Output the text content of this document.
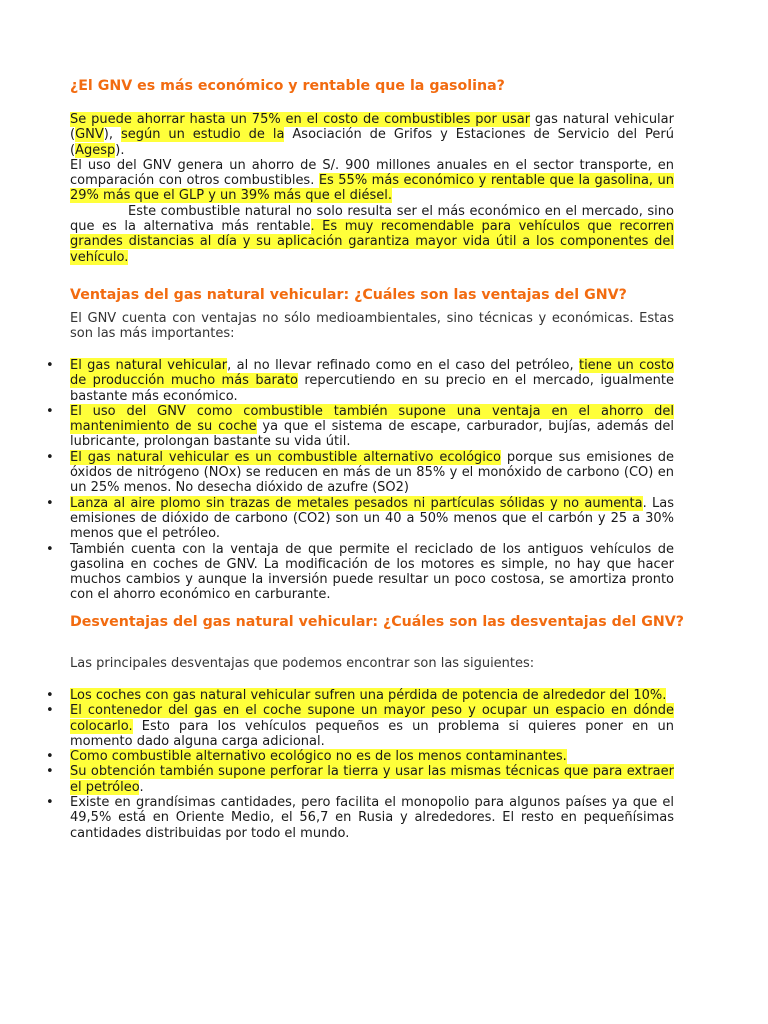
¿El GNV es más económico y rentable que la gasolina?
Se puede ahorrar hasta un 75% en el costo de combustibles por usar gas natural vehicular (GNV), según un estudio de la Asociación de Grifos y Estaciones de Servicio del Perú (Agesp).
El uso del GNV genera un ahorro de S/. 900 millones anuales en el sector transporte, en comparación con otros combustibles. Es 55% más económico y rentable que la gasolina, un 29% más que el GLP y un 39% más que el diésel.
Este combustible natural no solo resulta ser el más económico en el mercado, sino que es la alternativa más rentable. Es muy recomendable para vehículos que recorren grandes distancias al día y su aplicación garantiza mayor vida útil a los componentes del vehículo.
Ventajas del gas natural vehicular: ¿Cuáles son las ventajas del GNV?

El GNV cuenta con ventajas no sólo medioambientales, sino técnicas y económicas. Estas son las más importantes:

• El gas natural vehicular, al no llevar refinado como en el caso del petróleo, tiene un costo de producción mucho más barato repercutiendo en su precio en el mercado, igualmente bastante más económico.
• El uso del GNV como combustible también supone una ventaja en el ahorro del mantenimiento de su coche ya que el sistema de escape, carburador, bujías, además del lubricante, prolongan bastante su vida útil.
• El gas natural vehicular es un combustible alternativo ecológico porque sus emisiones de óxidos de nitrógeno (NOx) se reducen en más de un 85% y el monóxido de carbono (CO) en un 25% menos. No desecha dióxido de azufre (SO2)
• Lanza al aire plomo sin trazas de metales pesados ni partículas sólidas y no aumenta. Las emisiones de dióxido de carbono (CO2) son un 40 a 50% menos que el carbón y 25 a 30% menos que el petróleo.
• También cuenta con la ventaja de que permite el reciclado de los antiguos vehículos de gasolina en coches de GNV. La modificación de los motores es simple, no hay que hacer muchos cambios y aunque la inversión puede resultar un poco costosa, se amortiza pronto con el ahorro económico en carburante.
Desventajas del gas natural vehicular: ¿Cuáles son las desventajas del GNV?

Las principales desventajas que podemos encontrar son las siguientes:

• Los coches con gas natural vehicular sufren una pérdida de potencia de alrededor del 10%.
• El contenedor del gas en el coche supone un mayor peso y ocupar un espacio en dónde colocarlo. Esto para los vehículos pequeños es un problema si quieres poner en un momento dado alguna carga adicional.
• Como combustible alternativo ecológico no es de los menos contaminantes.
• Su obtención también supone perforar la tierra y usar las mismas técnicas que para extraer el petróleo.
• Existe en grandísimas cantidades, pero facilita el monopolio para algunos países ya que el 49,5% está en Oriente Medio, el 56,7 en Rusia y alrededores. El resto en pequeñísimas cantidades distribuidas por todo el mundo.
